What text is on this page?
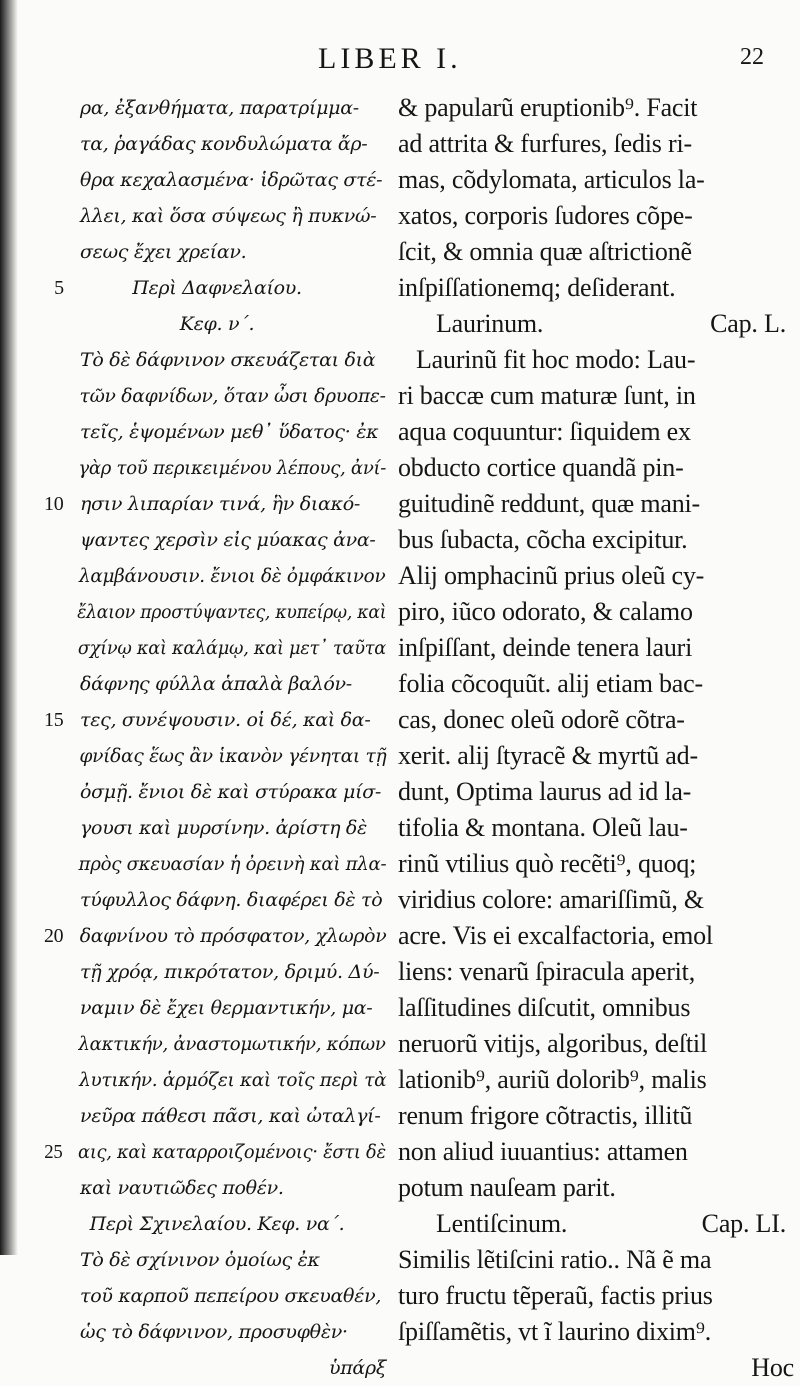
LIBER I.	22
ρα, ἐξανθήματα, παρατρίμμα-
τα, ῥαγάδας κονδυλώματα ἄρ-
θρα κεχαλασμένα· ἱδρῶτας στέ-
λλει, καὶ ὅσα σύψεως ἢ πυκνώ-
σεως ἔχει χρείαν.
5	Περὶ Δαφνελαίου.
Κεφ. ν΄.
Τὸ δὲ δάφνινον σκευάζεται διὰ
τῶν δαφνίδων, ὅταν ὦσι δρυοπε-
τεῖς, ἑψομένων μεθ᾽ ὕδατος· ἐκ
γὰρ τοῦ περικειμένου λέπους, ἀνί-
10 ησιν λιπαρίαν τινά, ἣν διακό-
ψαντες χερσὶν εἰς μύακας ἀνα-
λαμβάνουσιν. ἔνιοι δὲ ὀμφάκινον
ἔλαιον προστύψαντες, κυπείρῳ, καὶ
σχίνῳ καὶ καλάμῳ, καὶ μετ᾽ ταῦτα
δάφνης φύλλα ἁπαλὰ βαλόν-
15 τες, συνέψουσιν. οἱ δέ, καὶ δα-
φνίδας ἕως ἂν ἱκανὸν γένηται τῇ
ὀσμῇ. ἔνιοι δὲ καὶ στύρακα μίσ-
γουσι καὶ μυρσίνην. ἀρίστη δὲ
πρὸς σκευασίαν ἡ ὀρεινὴ καὶ πλα-
τύφυλλος δάφνη. διαφέρει δὲ τὸ
20 δαφνίνου τὸ πρόσφατον, χλωρὸν
τῇ χρόᾳ, πικρότατον, δριμύ. Δύ-
ναμιν δὲ ἔχει θερμαντικήν, μα-
λακτικήν, ἀναστομωτικήν, κόπων
λυτικήν. ἁρμόζει καὶ τοῖς περὶ τὰ
νεῦρα πάθεσι πᾶσι, καὶ ὠταλγί-
25 αις, καὶ καταρροιζομένοις· ἔστι δὲ
καὶ ναυτιῶδες ποθέν.
Περὶ Σχινελαίου. Κεφ. να΄.
Τὸ δὲ σχίνινον ὁμοίως ἐκ
τοῦ καρποῦ πεπείρου σκευαθέν,
ὡς τὸ δάφνινον, προσυφθὲν·
ὑπάρξ
& papularũ eruptionib⁹. Facit
ad attrita & furfures, ſedis ri-
mas, cõdylomata, articulos la-
xatos, corporis ſudores cõpe-
ſcit, & omnia quæ aſtrictionẽ
inſpiſſationemq; deſiderant.
Laurinum.	Cap. L.
Laurinũ fit hoc modo: Lau-
ri baccæ cum maturæ ſunt, in
aqua coquuntur: ſiquidem ex
obducto cortice quandã pin-
guitudinẽ reddunt, quæ mani-
bus ſubacta, cõcha excipitur.
Alij omphacinũ prius oleũ cy-
piro, iũco odorato, & calamo
inſpiſſant, deinde tenera lauri
folia cõcoquũt. alij etiam bac-
cas, donec oleũ odorẽ cõtra-
xerit. alij ſtyracẽ & myrtũ ad-
dunt, Optima laurus ad id la-
tifolia & montana. Oleũ lau-
rinũ vtilius quò recẽti⁹, quoq;
viridius colore: amariſſimũ, &
acre. Vis ei excalfactoria, emol
liens: venarũ ſpiracula aperit,
laſſitudines diſcutit, omnibus
neruorũ vitijs, algoribus, deſtil
lationib⁹, auriũ dolorib⁹, malis
renum frigore cõtractis, illitũ
non aliud iuuantius: attamen
potum nauſeam parit.
Lentiſcinum.	Cap. LI.
Similis lẽtiſcini ratio.. Nã ẽ ma
turo fructu tẽperaũ, factis prius
ſpiſſamẽtis, vt ĩ laurino dixim⁹.
Hoc
